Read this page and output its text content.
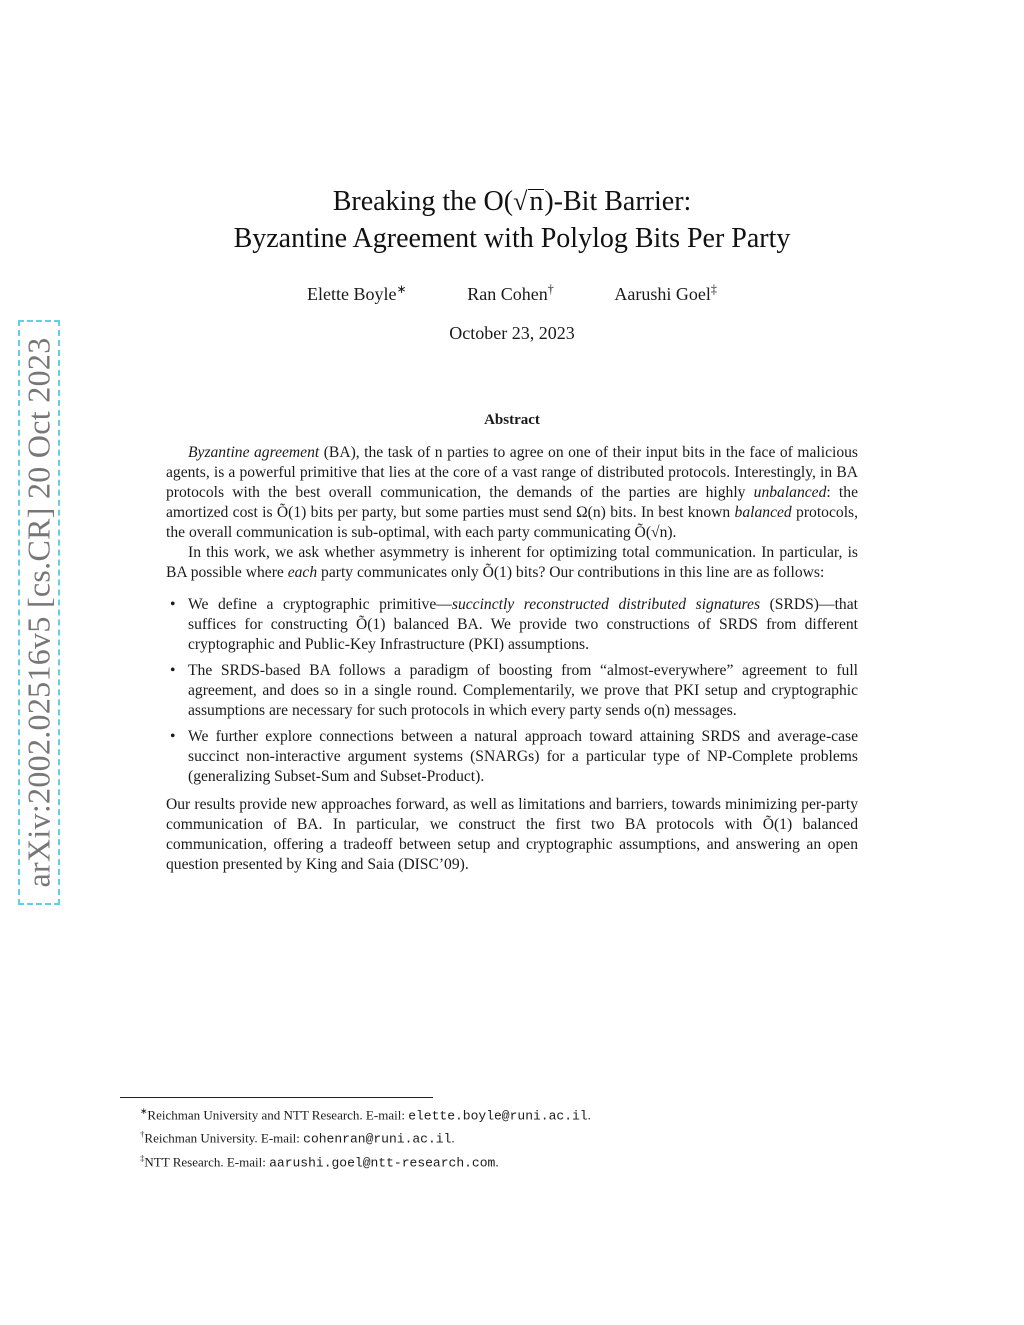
arXiv:2002.02516v5 [cs.CR] 20 Oct 2023
Breaking the O(√n)-Bit Barrier:
Byzantine Agreement with Polylog Bits Per Party
Elette Boyle∗	Ran Cohen†	Aarushi Goel‡
October 23, 2023
Abstract

Byzantine agreement (BA), the task of n parties to agree on one of their input bits in the face of malicious agents, is a powerful primitive that lies at the core of a vast range of distributed protocols. Interestingly, in BA protocols with the best overall communication, the demands of the parties are highly unbalanced: the amortized cost is Õ(1) bits per party, but some parties must send Ω(n) bits. In best known balanced protocols, the overall communication is sub-optimal, with each party communicating Õ(√n).

In this work, we ask whether asymmetry is inherent for optimizing total communication. In particular, is BA possible where each party communicates only Õ(1) bits? Our contributions in this line are as follows:

• We define a cryptographic primitive—succinctly reconstructed distributed signatures (SRDS)—that suffices for constructing Õ(1) balanced BA. We provide two constructions of SRDS from different cryptographic and Public-Key Infrastructure (PKI) assumptions.
• The SRDS-based BA follows a paradigm of boosting from “almost-everywhere” agreement to full agreement, and does so in a single round. Complementarily, we prove that PKI setup and cryptographic assumptions are necessary for such protocols in which every party sends o(n) messages.
• We further explore connections between a natural approach toward attaining SRDS and average-case succinct non-interactive argument systems (SNARGs) for a particular type of NP-Complete problems (generalizing Subset-Sum and Subset-Product).

Our results provide new approaches forward, as well as limitations and barriers, towards minimizing per-party communication of BA. In particular, we construct the first two BA protocols with Õ(1) balanced communication, offering a tradeoff between setup and cryptographic assumptions, and answering an open question presented by King and Saia (DISC’09).

∗Reichman University and NTT Research. E-mail: elette.boyle@runi.ac.il.

†Reichman University. E-mail: cohenran@runi.ac.il.

‡NTT Research. E-mail: aarushi.goel@ntt-research.com.
